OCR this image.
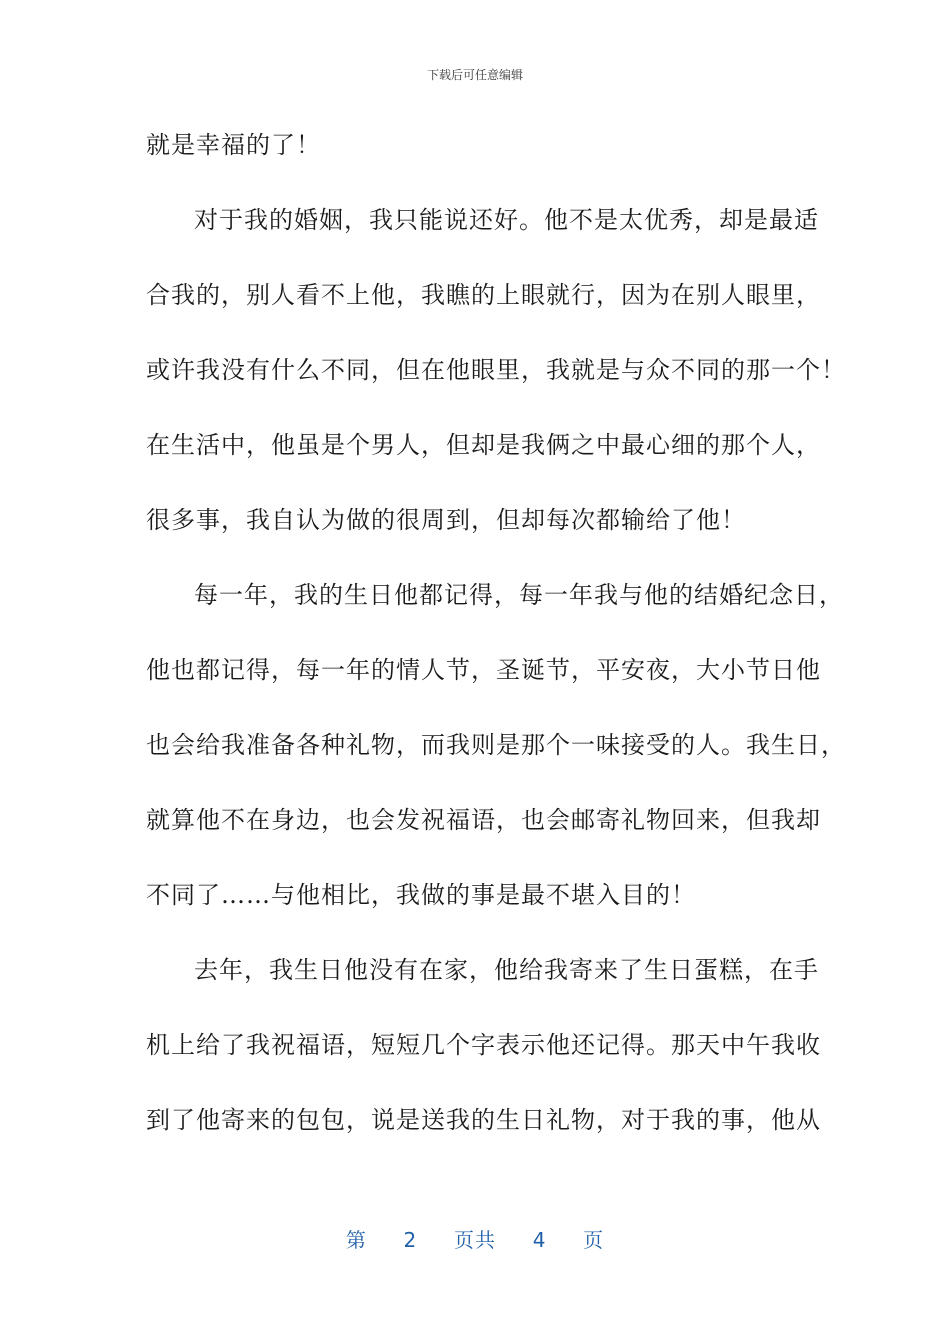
下载后可任意编辑
就是幸福的了！
对于我的婚姻，我只能说还好。他不是太优秀，却是最适
合我的，别人看不上他，我瞧的上眼就行，因为在别人眼里，
或许我没有什么不同，但在他眼里，我就是与众不同的那一个！
在生活中，他虽是个男人，但却是我俩之中最心细的那个人，
很多事，我自认为做的很周到，但却每次都输给了他！
每一年，我的生日他都记得，每一年我与他的结婚纪念日，
他也都记得，每一年的情人节，圣诞节，平安夜，大小节日他
也会给我准备各种礼物，而我则是那个一味接受的人。我生日，
就算他不在身边，也会发祝福语，也会邮寄礼物回来，但我却
不同了……与他相比，我做的事是最不堪入目的！
去年，我生日他没有在家，他给我寄来了生日蛋糕，在手
机上给了我祝福语，短短几个字表示他还记得。那天中午我收
到了他寄来的包包，说是送我的生日礼物，对于我的事，他从
第 2 页共 4 页
